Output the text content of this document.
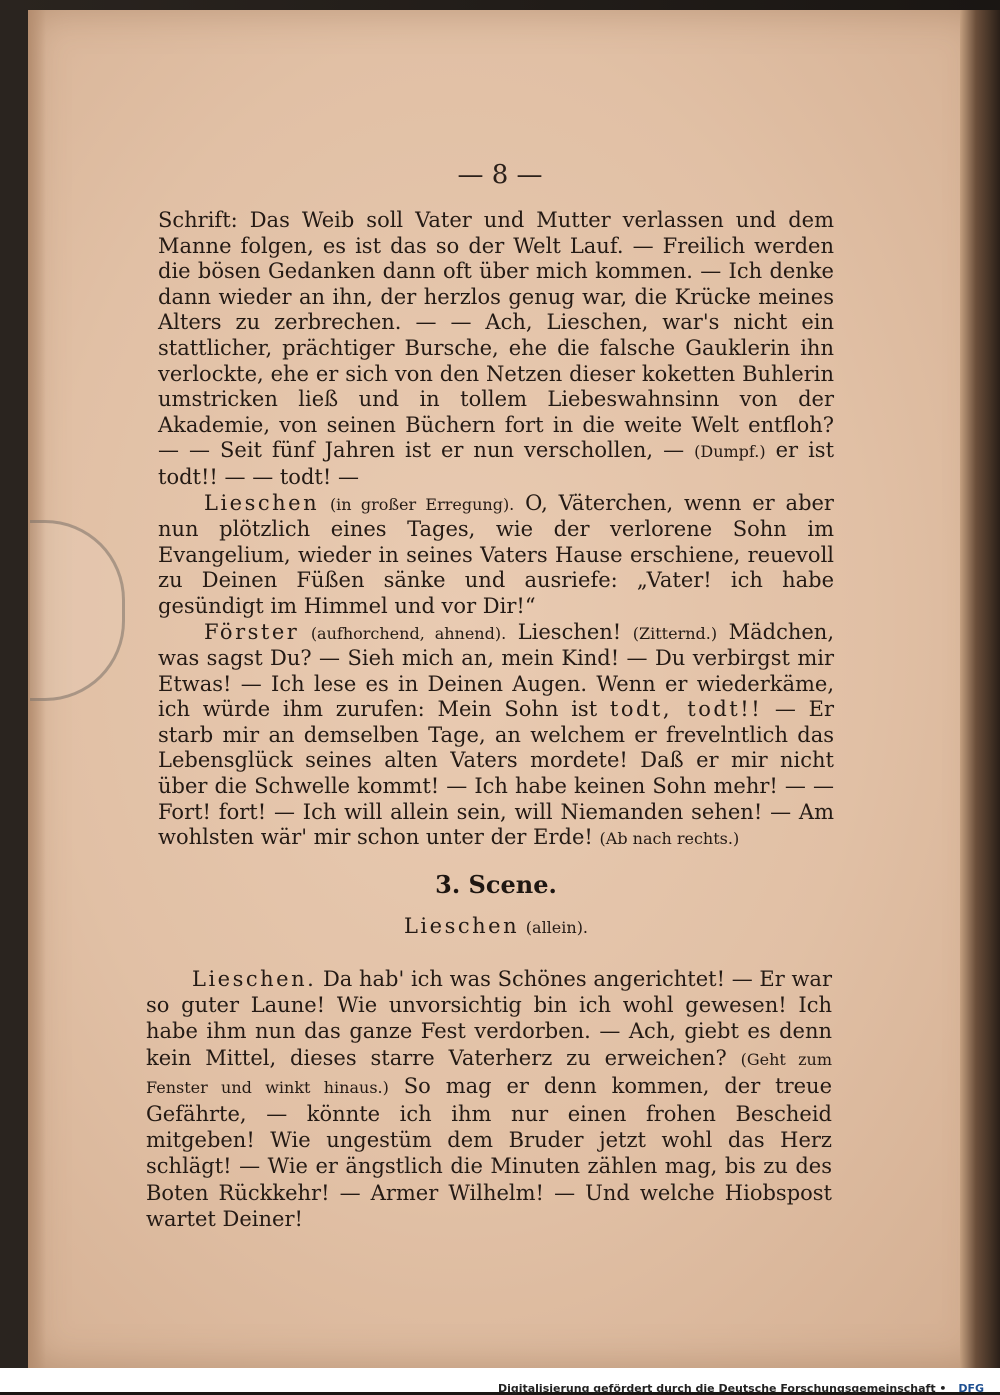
— 8 —

Schrift: Das Weib soll Vater und Mutter verlassen und dem Manne folgen, es ist das so der Welt Lauf. — Freilich werden die bösen Gedanken dann oft über mich kommen. — Ich denke dann wieder an ihn, der herzlos genug war, die Krücke meines Alters zu zerbrechen. — — Ach, Lieschen, war's nicht ein stattlicher, prächtiger Bursche, ehe die falsche Gauklerin ihn verlockte, ehe er sich von den Netzen dieser koketten Buhlerin umstricken ließ und in tollem Liebeswahnsinn von der Akademie, von seinen Büchern fort in die weite Welt entfloh? — — Seit fünf Jahren ist er nun verschollen, — (Dumpf.) er ist todt!! — — todt! —

Lieschen (in großer Erregung). O, Väterchen, wenn er aber nun plötzlich eines Tages, wie der verlorene Sohn im Evangelium, wieder in seines Vaters Hause erschiene, reuevoll zu Deinen Füßen sänke und ausriefe: „Vater! ich habe gesündigt im Himmel und vor Dir!“

Förster (aufhorchend, ahnend). Lieschen! (Zitternd.) Mädchen, was sagst Du? — Sieh mich an, mein Kind! — Du verbirgst mir Etwas! — Ich lese es in Deinen Augen. Wenn er wiederkäme, ich würde ihm zurufen: Mein Sohn ist todt, todt!! — Er starb mir an demselben Tage, an welchem er frevelntlich das Lebensglück seines alten Vaters mordete! Daß er mir nicht über die Schwelle kommt! — Ich habe keinen Sohn mehr! — — Fort! fort! — Ich will allein sein, will Niemanden sehen! — Am wohlsten wär' mir schon unter der Erde! (Ab nach rechts.)

3. Scene.
Lieschen (allein).

Lieschen. Da hab' ich was Schönes angerichtet! — Er war so guter Laune! Wie unvorsichtig bin ich wohl gewesen! Ich habe ihm nun das ganze Fest verdorben. — Ach, giebt es denn kein Mittel, dieses starre Vaterherz zu erweichen? (Geht zum Fenster und winkt hinaus.) So mag er denn kommen, der treue Gefährte, — könnte ich ihm nur einen frohen Bescheid mitgeben! Wie ungestüm dem Bruder jetzt wohl das Herz schlägt! — Wie er ängstlich die Minuten zählen mag, bis zu des Boten Rückkehr! — Armer Wilhelm! — Und welche Hiobspost wartet Deiner!

Digitalisierung gefördert durch die Deutsche Forschungsgemeinschaft • DFG
